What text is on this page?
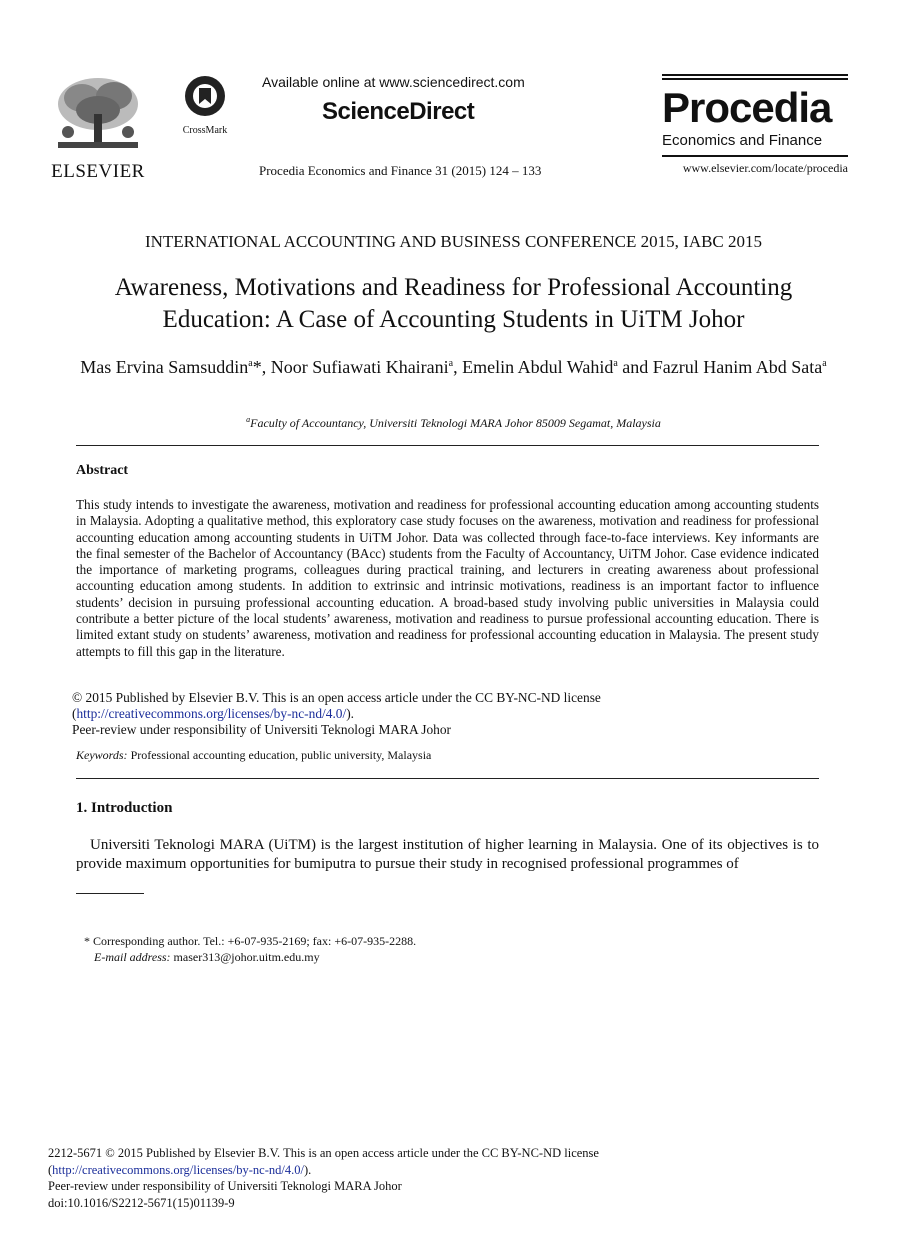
ELSEVIER
CrossMark
Available online at www.sciencedirect.com
ScienceDirect
Procedia Economics and Finance 31 (2015) 124 – 133
Procedia
Economics and Finance
www.elsevier.com/locate/procedia
INTERNATIONAL ACCOUNTING AND BUSINESS CONFERENCE 2015, IABC 2015
Awareness, Motivations and Readiness for Professional Accounting
Education: A Case of Accounting Students in UiTM Johor
Mas Ervina Samsuddin$^a$*, Noor Sufiawati Khairani$^a$, Emelin Abdul Wahid$^a$ and Fazrul Hanim Abd Sata$^a$
$^a$Faculty of Accountancy, Universiti Teknologi MARA Johor 85009 Segamat, Malaysia
Abstract
This study intends to investigate the awareness, motivation and readiness for professional accounting education among accounting students in Malaysia. Adopting a qualitative method, this exploratory case study focuses on the awareness, motivation and readiness for professional accounting education among accounting students in UiTM Johor. Data was collected through face-to-face interviews. Key informants are the final semester of the Bachelor of Accountancy (BAcc) students from the Faculty of Accountancy, UiTM Johor. Case evidence indicated the importance of marketing programs, colleagues during practical training, and lecturers in creating awareness about professional accounting education among students. In addition to extrinsic and intrinsic motivations, readiness is an important factor to influence students’ decision in pursuing professional accounting education. A broad-based study involving public universities in Malaysia could contribute a better picture of the local students’ awareness, motivation and readiness to pursue professional accounting education. There is limited extant study on students’ awareness, motivation and readiness for professional accounting education in Malaysia. The present study attempts to fill this gap in the literature.
© 2015 Published by Elsevier B.V. This is an open access article under the CC BY-NC-ND license
(http://creativecommons.org/licenses/by-nc-nd/4.0/).
Peer-review under responsibility of Universiti Teknologi MARA Johor
Keywords: Professional accounting education, public university, Malaysia
1. Introduction
Universiti Teknologi MARA (UiTM) is the largest institution of higher learning in Malaysia. One of its objectives is to provide maximum opportunities for bumiputra to pursue their study in recognised professional programmes of
* Corresponding author. Tel.: +6-07-935-2169; fax: +6-07-935-2288.
E-mail address: maser313@johor.uitm.edu.my
2212-5671 © 2015 Published by Elsevier B.V. This is an open access article under the CC BY-NC-ND license
(http://creativecommons.org/licenses/by-nc-nd/4.0/).
Peer-review under responsibility of Universiti Teknologi MARA Johor
doi:10.1016/S2212-5671(15)01139-9
